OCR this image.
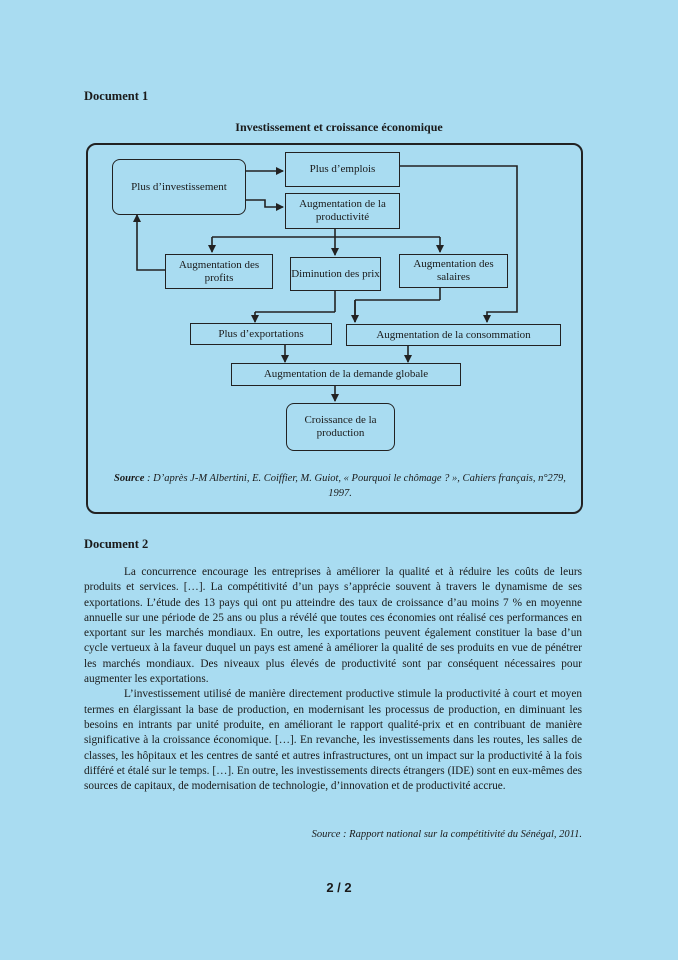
Document 1
Investissement et croissance économique
Plus d’investissement
Plus d’emplois
Augmentation de la productivité
Augmentation des profits	Diminution des prix
Augmentation des salaires
Plus d’exportations	Augmentation de la consommation
Augmentation de la demande globale
Croissance de la production
Source : D’après J-M Albertini, E. Coiffier, M. Guiot, « Pourquoi le chômage ? », Cahiers français, n°279, 1997.
Document 2

La concurrence encourage les entreprises à améliorer la qualité et à réduire les coûts de leurs produits et services. […]. La compétitivité d’un pays s’apprécie souvent à travers le dynamisme de ses exportations. L’étude des 13 pays qui ont pu atteindre des taux de croissance d’au moins 7 % en moyenne annuelle sur une période de 25 ans ou plus a révélé que toutes ces économies ont réalisé ces performances en exportant sur les marchés mondiaux. En outre, les exportations peuvent également constituer la base d’un cycle vertueux à la faveur duquel un pays est amené à améliorer la qualité de ses produits en vue de pénétrer les marchés mondiaux. Des niveaux plus élevés de productivité sont par conséquent nécessaires pour augmenter les exportations.

L’investissement utilisé de manière directement productive stimule la productivité à court et moyen termes en élargissant la base de production, en modernisant les processus de production, en diminuant les besoins en intrants par unité produite, en améliorant le rapport qualité-prix et en contribuant de manière significative à la croissance économique. […]. En revanche, les investissements dans les routes, les salles de classes, les hôpitaux et les centres de santé et autres infrastructures, ont un impact sur la productivité à la fois différé et étalé sur le temps. […]. En outre, les investissements directs étrangers (IDE) sont en eux-mêmes des sources de capitaux, de modernisation de technologie, d’innovation et de productivité accrue.

Source : Rapport national sur la compétitivité du Sénégal, 2011.
2 / 2
